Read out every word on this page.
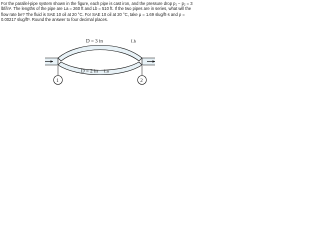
For the parallel-pipe system shown in the figure, each pipe is cast iron, and the pressure drop p₁ − p₂ = 3 lbf/in². The lengths of the pipe are La = 260 ft and Lb = 510 ft. If the two pipes are in series, what will the flow rate be? The fluid is SAE 10 oil at 20 °C. For SAE 10 oil at 20 °C, take μ = 1.69 slug/ft·s and ρ = 0.00217 slug/ft³. Round the answer to four decimal places.
D = 3 in	Lb
D = 2 in La
1	2
